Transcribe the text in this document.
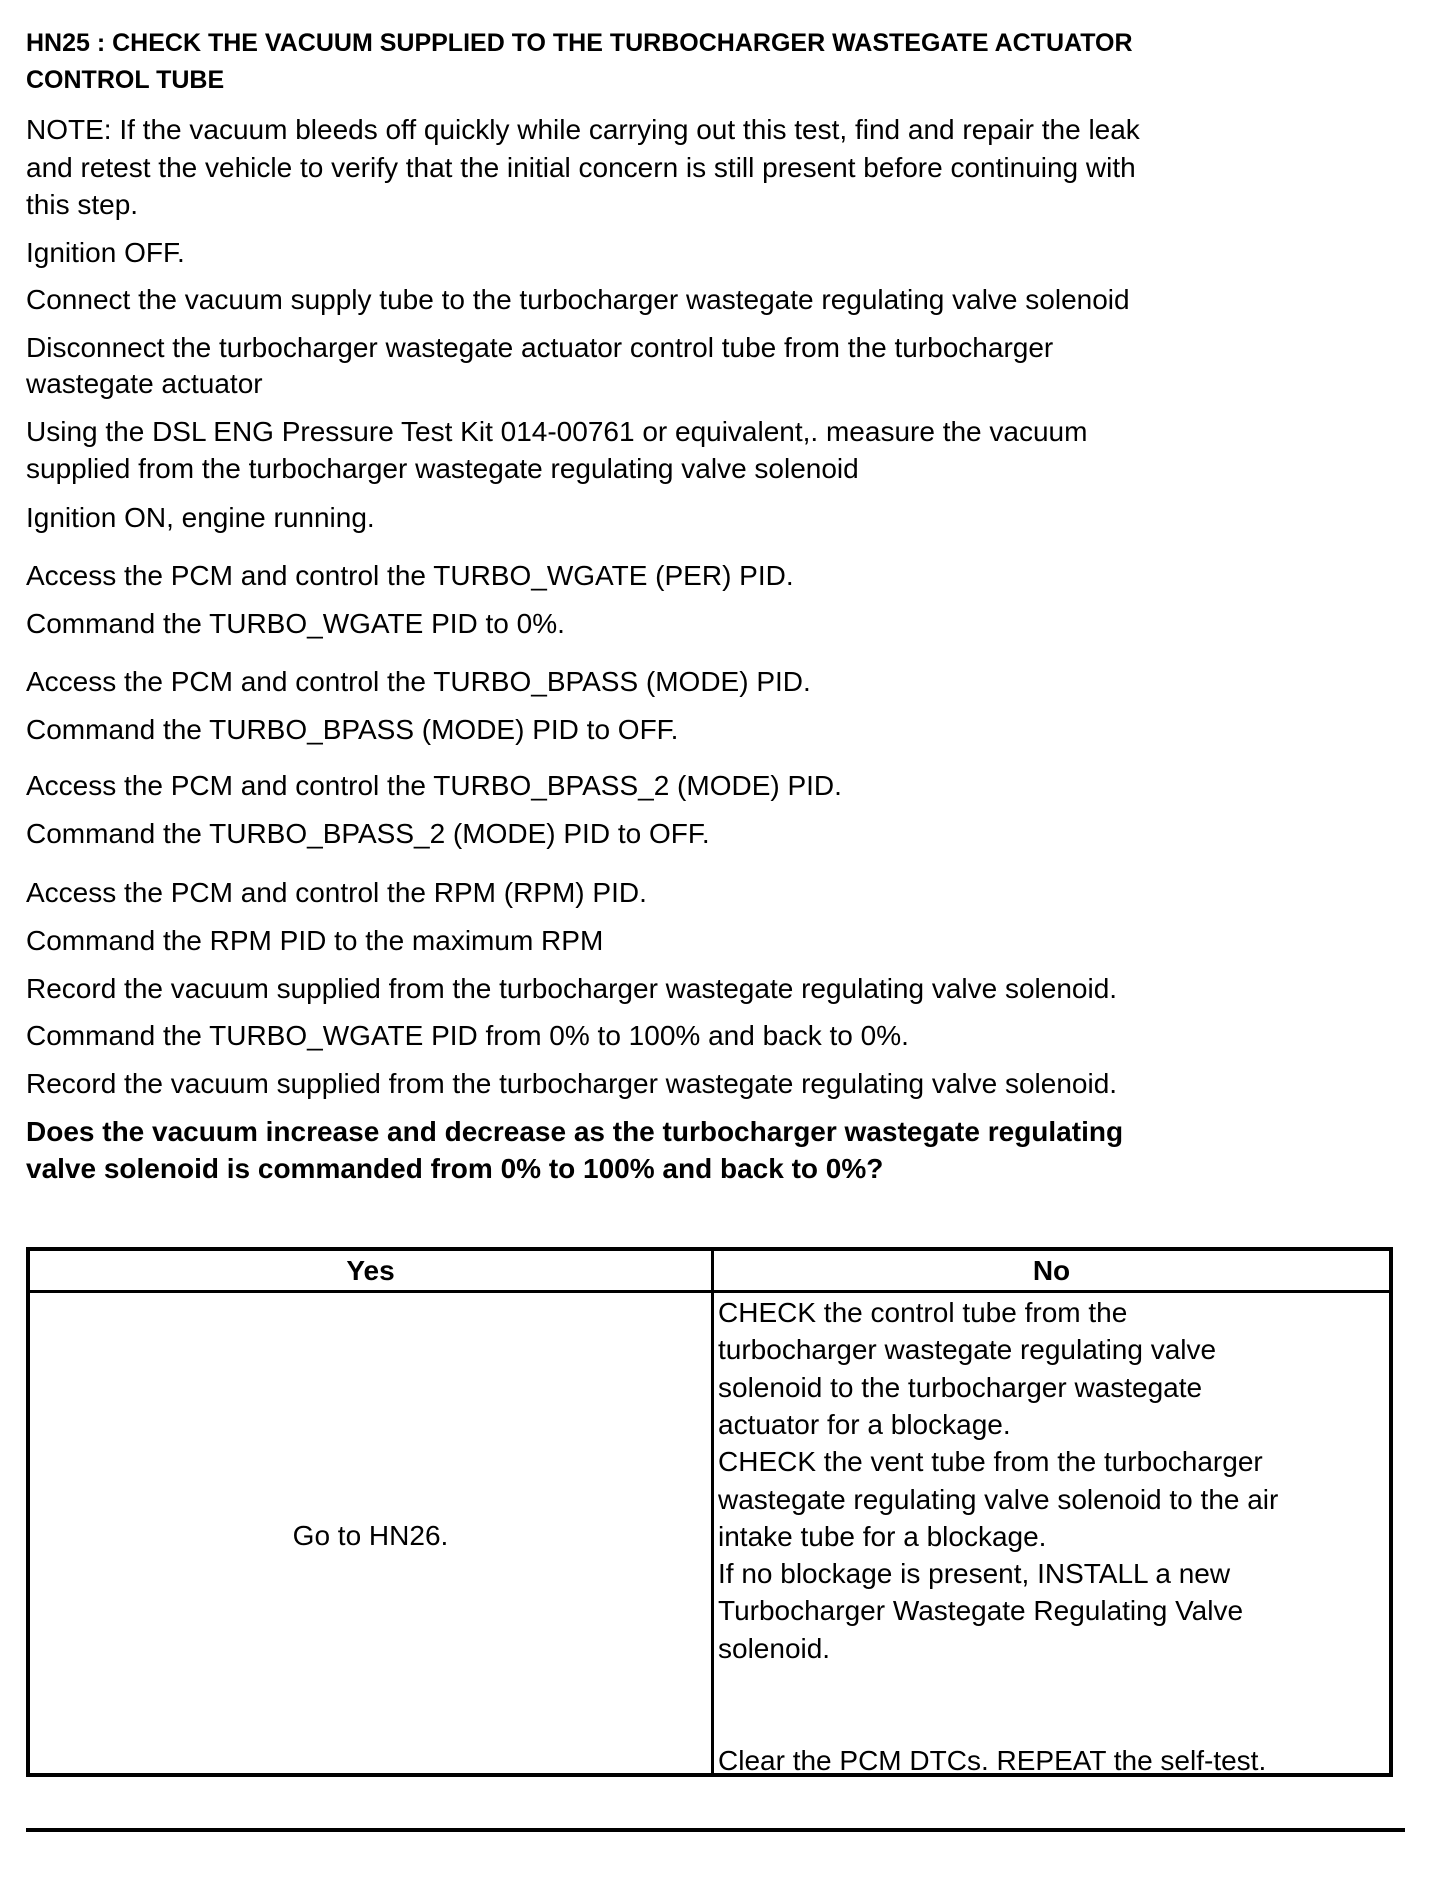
HN25 : CHECK THE VACUUM SUPPLIED TO THE TURBOCHARGER WASTEGATE ACTUATOR
CONTROL TUBE
NOTE: If the vacuum bleeds off quickly while carrying out this test, find and repair the leak
and retest the vehicle to verify that the initial concern is still present before continuing with
this step.
Ignition OFF.
Connect the vacuum supply tube to the turbocharger wastegate regulating valve solenoid
Disconnect the turbocharger wastegate actuator control tube from the turbocharger
wastegate actuator
Using the DSL ENG Pressure Test Kit 014-00761 or equivalent,. measure the vacuum
supplied from the turbocharger wastegate regulating valve solenoid
Ignition ON, engine running.
Access the PCM and control the TURBO_WGATE (PER) PID.
Command the TURBO_WGATE PID to 0%.
Access the PCM and control the TURBO_BPASS (MODE) PID.
Command the TURBO_BPASS (MODE) PID to OFF.
Access the PCM and control the TURBO_BPASS_2 (MODE) PID.
Command the TURBO_BPASS_2 (MODE) PID to OFF.
Access the PCM and control the RPM (RPM) PID.
Command the RPM PID to the maximum RPM
Record the vacuum supplied from the turbocharger wastegate regulating valve solenoid.
Command the TURBO_WGATE PID from 0% to 100% and back to 0%.
Record the vacuum supplied from the turbocharger wastegate regulating valve solenoid.
Does the vacuum increase and decrease as the turbocharger wastegate regulating
valve solenoid is commanded from 0% to 100% and back to 0%?
Yes	No
Go to HN26.
CHECK the control tube from the
turbocharger wastegate regulating valve
solenoid to the turbocharger wastegate
actuator for a blockage.
CHECK the vent tube from the turbocharger
wastegate regulating valve solenoid to the air
intake tube for a blockage.
If no blockage is present, INSTALL a new
Turbocharger Wastegate Regulating Valve
solenoid.
Clear the PCM DTCs. REPEAT the self-test.
